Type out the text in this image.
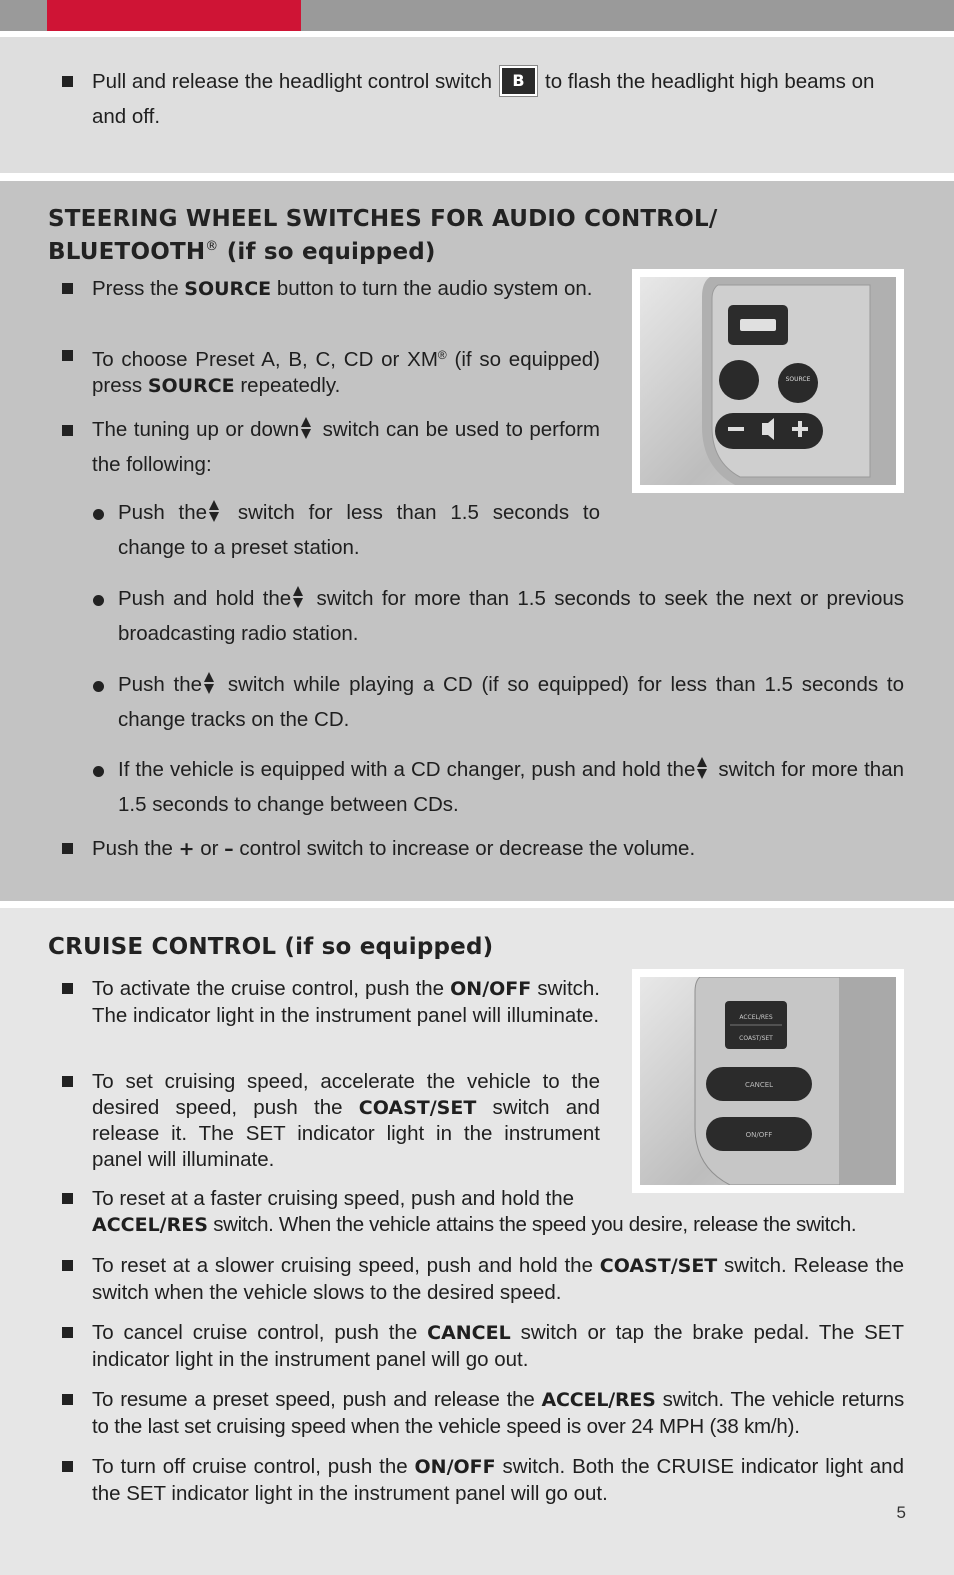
Pull and release the headlight control switch B to flash the headlight high beams on
and off.
STEERING WHEEL SWITCHES FOR AUDIO CONTROL/
BLUETOOTH® (if so equipped)
Press the SOURCE button to turn the audio system on.
To choose Preset A, B, C, CD or XM® (if so equipped) press SOURCE repeatedly.
The tuning up or down switch can be used to perform the following:
Push the switch for less than 1.5 seconds to change to a preset station.
Push and hold the switch for more than 1.5 seconds to seek the next or previous broadcasting radio station.
Push the switch while playing a CD (if so equipped) for less than 1.5 seconds to change tracks on the CD.
If the vehicle is equipped with a CD changer, push and hold the switch for more than 1.5 seconds to change between CDs.
Push the + or – control switch to increase or decrease the volume.
SOURCE
CRUISE CONTROL (if so equipped)
To activate the cruise control, push the ON/OFF switch. The indicator light in the instrument panel will illuminate.
To set cruising speed, accelerate the vehicle to the desired speed, push the COAST/SET switch and release it. The SET indicator light in the instrument panel will illuminate.
To reset at a faster cruising speed, push and hold the
ACCEL/RES switch. When the vehicle attains the speed you desire, release the switch.
To reset at a slower cruising speed, push and hold the COAST/SET switch. Release the switch when the vehicle slows to the desired speed.
To cancel cruise control, push the CANCEL switch or tap the brake pedal. The SET indicator light in the instrument panel will go out.
To resume a preset speed, push and release the ACCEL/RES switch. The vehicle returns to the last set cruising speed when the vehicle speed is over 24 MPH (38 km/h).
To turn off cruise control, push the ON/OFF switch. Both the CRUISE indicator light and the SET indicator light in the instrument panel will go out.
ACCEL/RES
COAST/SET
CANCEL
ON/OFF
5
